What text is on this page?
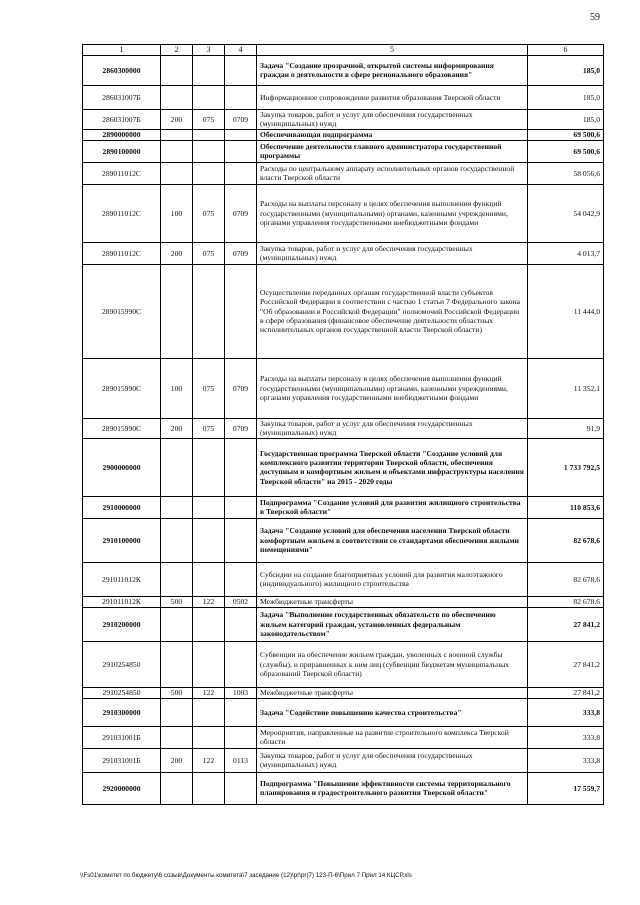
59
1	2	3	4	5	6
2860300000				Задача "Создание прозрачной, открытой системы информирования граждан о деятельности в сфере регионального образования"	185,0
286031007Б				Информационное сопровождение развития образования Тверской области	185,0
286031007Б	200	075	0709	Закупка товаров, работ и услуг для обеспечения государственных (муниципальных) нужд	185,0
2890000000				Обеспечивающая подпрограмма	69 500,6
2890100000				Обеспечение деятельности главного администратора государственной программы	69 500,6
289011012С				Расходы по центральному аппарату исполнительных органов государственной власти Тверской области	58 056,6
289011012С	100	075	0709	Расходы на выплаты персоналу в целях обеспечения выполнения функций государственными (муниципальными) органами, казенными учреждениями, органами управления государственными внебюджетными фондами	54 042,9
289011012С	200	075	0709	Закупка товаров, работ и услуг для обеспечения государственных (муниципальных) нужд	4 013,7
289015990С				Осуществление переданных органам государственной власти субъектов Российской Федерации в соответствии с частью 1 статьи 7 Федерального закона "Об образовании в Российской Федерации" полномочий Российской Федерации в сфере образования (финансовое обеспечение деятельности областных исполнительных органов государственной власти Тверской области)	11 444,0
289015990С	100	075	0709	Расходы на выплаты персоналу в целях обеспечения выполнения функций государственными (муниципальными) органами, казенными учреждениями, органами управления государственными внебюджетными фондами	11 352,1
289015990С	200	075	0709	Закупка товаров, работ и услуг для обеспечения государственных (муниципальных) нужд	91,9
2900000000				Государственная программа Тверской области "Создание условий для комплексного развития территории Тверской области, обеспечения доступным и комфортным жильем и объектами инфраструктуры населения Тверской области" на 2015 - 2020 годы	1 733 792,5
2910000000				Подпрограмма "Создание условий для развития жилищного строительства в Тверской области"	110 853,6
2910100000				Задача "Создание условий для обеспечения населения Тверской области комфортным жильем в соответствии со стандартами обеспечения жилыми помещениями"	82 678,6
291011012К				Субсидии на создание благоприятных условий для развития малоэтажного (индивидуального) жилищного строительства	82 678,6
291011012К	500	122	0502	Межбюджетные трансферты	82 678,6
2910200000				Задача "Выполнение государственных обязательств по обеспечению жильем категорий граждан, установленных федеральным законодательством"	27 841,2
2910254850				Субвенции на обеспечение жильем граждан, уволенных с военной службы (службы), и приравненных к ним лиц (субвенции бюджетам муниципальных образований Тверской области)	27 841,2
2910254850	500	122	1003	Межбюджетные трансферты	27 841,2
2910300000				Задача "Содействие повышению качества строительства"	333,8
291031001Б				Мероприятия, направленные на развитие строительного комплекса Тверской области	333,8
291031001Б	200	122	0113	Закупка товаров, работ и услуг для обеспечения государственных (муниципальных) нужд	333,8
2920000000				Подпрограмма "Повышение эффективности системы территориального планирования и градостроительного развития Тверской области"	17 559,7
\\Fs01\комитет по бюджету\6 созыв\Документы комитета\7 заседание (12)\pr\pr(7) 123-П-6\Прил 7 Прил 14 КЦСР.xls
